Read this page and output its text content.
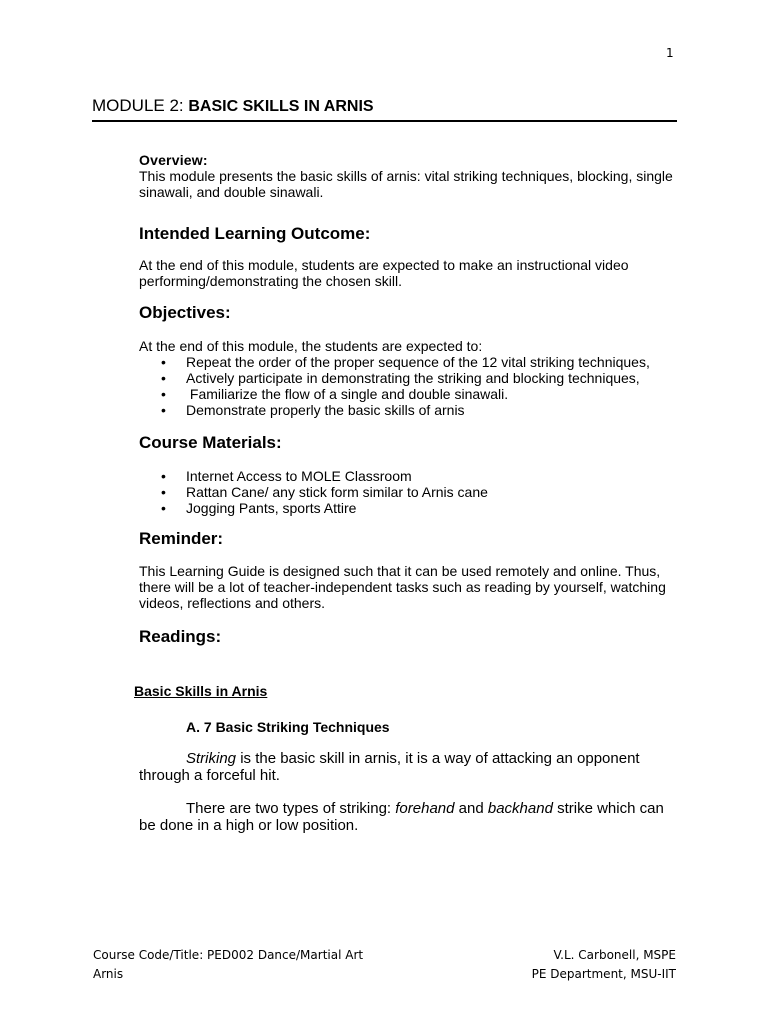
1
MODULE 2: BASIC SKILLS IN ARNIS
Overview:

This module presents the basic skills of arnis: vital striking techniques, blocking, single sinawali, and double sinawali.

Intended Learning Outcome:

At the end of this module, students are expected to make an instructional video performing/demonstrating the chosen skill.

Objectives:

At the end of this module, the students are expected to:

• Repeat the order of the proper sequence of the 12 vital striking techniques,
• Actively participate in demonstrating the striking and blocking techniques,
•  Familiarize the flow of a single and double sinawali.
• Demonstrate properly the basic skills of arnis
Course Materials:
• Internet Access to MOLE Classroom
• Rattan Cane/ any stick form similar to Arnis cane
• Jogging Pants, sports Attire
Reminder:

This Learning Guide is designed such that it can be used remotely and online. Thus, there will be a lot of teacher-independent tasks such as reading by yourself, watching videos, reflections and others.

Readings:
Basic Skills in Arnis
A. 7 Basic Striking Techniques

Striking is the basic skill in arnis, it is a way of attacking an opponent through a forceful hit.

There are two types of striking: forehand and backhand strike which can be done in a high or low position.

Course Code/Title: PED002 Dance/Martial Art
Arnis
V.L. Carbonell, MSPE
PE Department, MSU-IIT
